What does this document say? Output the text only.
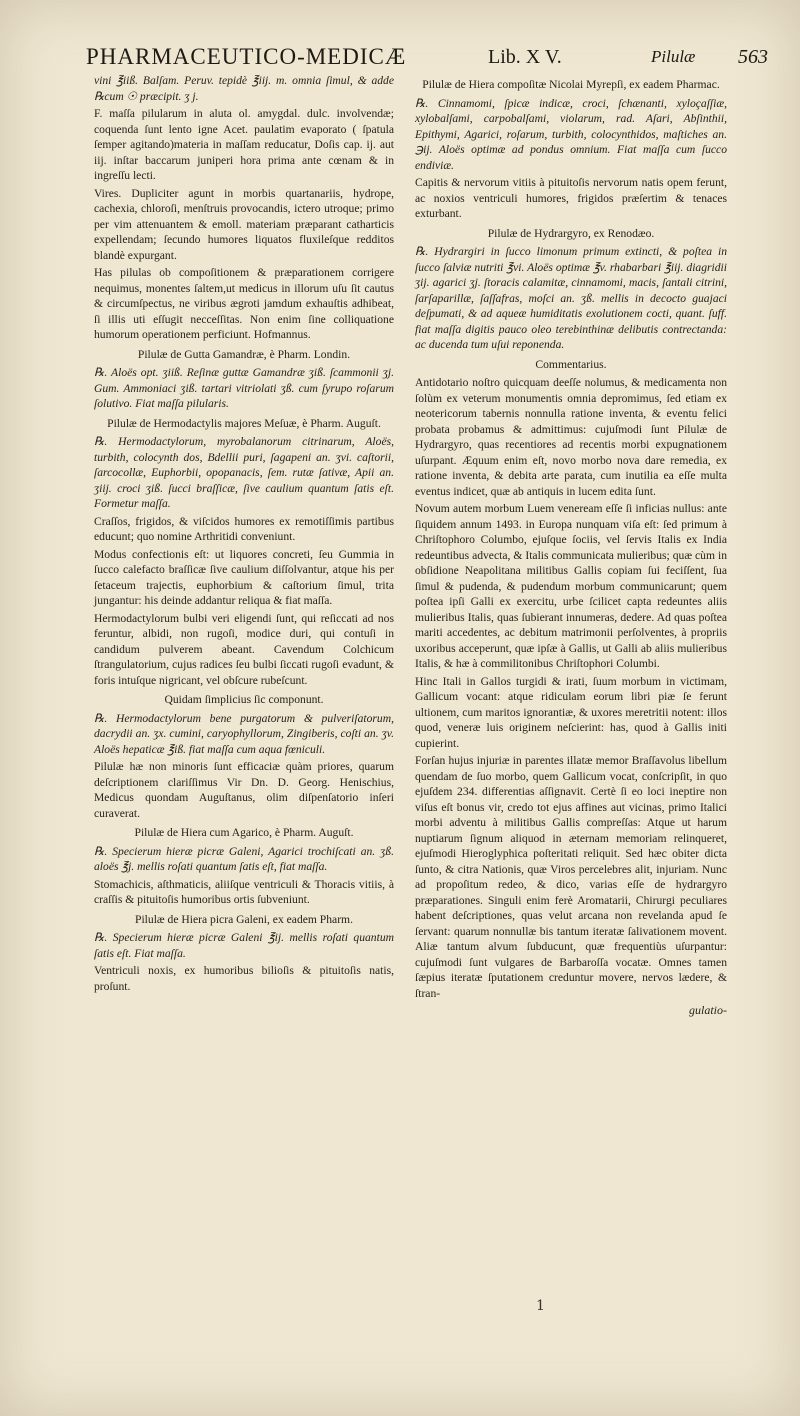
PHARMACEUTICO-MEDICÆ	Lib. X V.	Pilulæ 563

vini ℥iiß. Balſam. Peruv. tepidè ℥iij. m. omnia ſimul, & adde ℞cum ☉ præcipit. ʒ j.

F. maſſa pilularum in aluta ol. amygdal. dulc. involvendæ; coquenda ſunt lento igne Acet. paulatim evaporato ( ſpatula ſemper agitando)materia in maſſam reducatur, Doſis cap. ij. aut iij. inſtar baccarum juniperi hora prima ante cœnam & in ingreſſu lecti.

Vires. Dupliciter agunt in morbis quartanariis, hydrope, cachexia, chloroſi, menſtruis provocandis, ictero utroque; primo per vim attenuantem & emoll. materiam præparant catharticis expellendam; ſecundo humores liquatos fluxileſque redditos blandè expurgant.

Has pilulas ob compoſitionem & præparationem corrigere nequimus, monentes ſaltem,ut medicus in illorum uſu ſit cautus & circumſpectus, ne viribus ægroti jamdum exhauſtis adhibeat, ſi illis uti eſſugit necceſſitas. Non enim ſine colliquatione humorum operationem perficiunt. Hofmannus.

Pilulæ de Gutta Gamandræ, è Pharm. Londin.

℞. Aloës opt. ʒiiß. Reſinæ guttæ Gamandræ ʒiß. ſcammonii ʒj. Gum. Ammoniaci ʒiß. tartari vitriolati ʒß. cum ſyrupo roſarum ſolutivo. Fiat maſſa pilularis.

Pilulæ de Hermodactylis majores Meſuæ, è Pharm. Auguſt.

℞. Hermodactylorum, myrobalanorum citrinarum, Aloës, turbith, colocynth dos, Bdellii puri, ſagapeni an. ʒvi. caſtorii, ſarcocollæ, Euphorbii, opopanacis, ſem. rutæ ſativæ, Apii an. ʒiij. croci ʒiß. ſucci braſſicæ, ſive caulium quantum ſatis eſt. Formetur maſſa.

Craſſos, frigidos, & viſcidos humores ex remotiſſimis partibus educunt; quo nomine Arthritidi conveniunt.

Modus confectionis eſt: ut liquores concreti, ſeu Gummia in ſucco calefacto braſſicæ ſive caulium diſſolvantur, atque his per ſetaceum trajectis, euphorbium & caſtorium ſimul, trita jungantur: his deinde addantur reliqua & fiat maſſa.

Hermodactylorum bulbi veri eligendi ſunt, qui reſiccati ad nos feruntur, albidi, non rugoſi, modice duri, qui contuſi in candidum pulverem abeant. Cavendum Colchicum ſtrangulatorium, cujus radices ſeu bulbi ſiccati rugoſi evadunt, & foris intuſque nigricant, vel obſcure rubeſcunt.

Quidam ſimplicius ſic componunt.

℞. Hermodactylorum bene purgatorum & pulveriſatorum, dacrydii an. ʒx. cumini, caryophyllorum, Zingiberis, coſti an. ʒv. Aloës hepaticæ ℥iß. fiat maſſa cum aqua fœniculi.

Pilulæ hæ non minoris ſunt efficaciæ quàm priores, quarum deſcriptionem clariſſimus Vir Dn. D. Georg. Henischius, Medicus quondam Auguſtanus, olim diſpenſatorio inſeri curaverat.

Pilulæ de Hiera cum Agarico, è Pharm. Auguſt.

℞. Specierum hieræ picræ Galeni, Agarici trochiſcati an. ʒß. aloës ℥j. mellis roſati quantum ſatis eſt, fiat maſſa.

Stomachicis, aſthmaticis, aliiſque ventriculi & Thoracis vitiis, à craſſis & pituitoſis humoribus ortis ſubveniunt.

Pilulæ de Hiera picra Galeni, ex eadem Pharm.

℞. Specierum hieræ picræ Galeni ℥ij. mellis roſati quantum ſatis eſt. Fiat maſſa.

Ventriculi noxis, ex humoribus bilioſis & pituitoſis natis, proſunt.

Pilulæ de Hiera compoſitæ Nicolai Myrepſi, ex eadem Pharmac.

℞. Cinnamomi, ſpicæ indicæ, croci, ſchænanti, xyloçaſſiæ, xylobalſami, carpobalſami, violarum, rad. Aſari, Abſinthii, Epithymi, Agarici, roſarum, turbith, colocynthidos, maſtiches an. ℈ij. Aloës optimæ ad pondus omnium. Fiat maſſa cum ſucco endiviæ.

Capitis & nervorum vitiis à pituitoſis nervorum natis opem ferunt, ac noxios ventriculi humores, frigidos præſertim & tenaces exturbant.

Pilulæ de Hydrargyro, ex Renodæo.

℞. Hydrargiri in ſucco limonum primum extincti, & poſtea in ſucco ſalviæ nutriti ℥vi. Aloës optimæ ℥v. rhabarbari ℥iij. diagridii ʒij. agarici ʒj. ſtoracis calamitæ, cinnamomi, macis, ſantali citrini, ſarſaparillæ, ſaſſafras, moſci an. ʒß. mellis in decocto guajaci deſpumati, & ad aqueæ humiditatis exolutionem cocti, quant. ſuff. fiat maſſa digitis pauco oleo terebinthinæ delibutis contrectanda: ac ducenda tum uſui reponenda.

Commentarius.

Antidotario noſtro quicquam deeſſe nolumus, & medicamenta non ſolùm ex veterum monumentis omnia depromimus, ſed etiam ex neotericorum tabernis nonnulla ratione inventa, & eventu felici probata probamus & admittimus: cujuſmodi ſunt Pilulæ de Hydrargyro, quas recentiores ad recentis morbi expugnationem uſurpant. Æquum enim eſt, novo morbo nova dare remedia, ex ratione inventa, & debita arte parata, cum inutilia ea eſſe multa eventus indicet, quæ ab antiquis in lucem edita ſunt.

Novum autem morbum Luem veneream eſſe ſi inficias nullus: ante ſiquidem annum 1493. in Europa nunquam viſa eſt: ſed primum à Chriſtophoro Columbo, ejuſque ſociis, vel ſervis Italis ex India redeuntibus advecta, & Italis communicata mulieribus; quæ cùm in obſidione Neapolitana militibus Gallis copiam ſui feciſſent, ſua ſimul & pudenda, & pudendum morbum communicarunt; quem poſtea ipſi Galli ex exercitu, urbe ſcilicet capta redeuntes aliis mulieribus Italis, quas ſubierant innumeras, dedere. Ad quas poſtea mariti accedentes, ac debitum matrimonii perſolventes, à propriis uxoribus acceperunt, quæ ipſæ à Gallis, ut Galli ab aliis mulieribus Italis, & hæ à commilitonibus Chriſtophori Columbi.

Hinc Itali in Gallos turgidi & irati, ſuum morbum in victimam, Gallicum vocant: atque ridiculam eorum libri piæ ſe ferunt ultionem, cum maritos ignorantiæ, & uxores meretritii notent: illos quod, veneræ luis originem neſcierint: has, quod à Gallis initi cupierint.

Forſan hujus injuriæ in parentes illatæ memor Braſſavolus libellum quendam de ſuo morbo, quem Gallicum vocat, conſcripſit, in quo ejuſdem 234. differentias aſſignavit. Certè ſi eo loci ineptire non viſus eſt bonus vir, credo tot ejus affines aut vicinas, primo Italici morbi adventu à militibus Gallis compreſſas: Atque ut harum nuptiarum ſignum aliquod in æternam memoriam relinqueret, ejuſmodi Hieroglyphica poſteritati reliquit. Sed hæc obiter dicta ſunto, & citra Nationis, quæ Viros percelebres alit, injuriam. Nunc ad propoſitum redeo, & dico, varias eſſe de hydrargyro præparationes. Singuli enim ferè Aromatarii, Chirurgi peculiares habent deſcriptiones, quas velut arcana non revelanda apud ſe ſervant: quarum nonnullæ bis tantum iteratæ ſalivationem movent. Aliæ tantum alvum ſubducunt, quæ frequentiùs uſurpantur: cujuſmodi ſunt vulgares de Barbaroſſa vocatæ. Omnes tamen ſæpius iteratæ ſputationem creduntur movere, nervos lædere, & ſtran-

gulatio-

1
